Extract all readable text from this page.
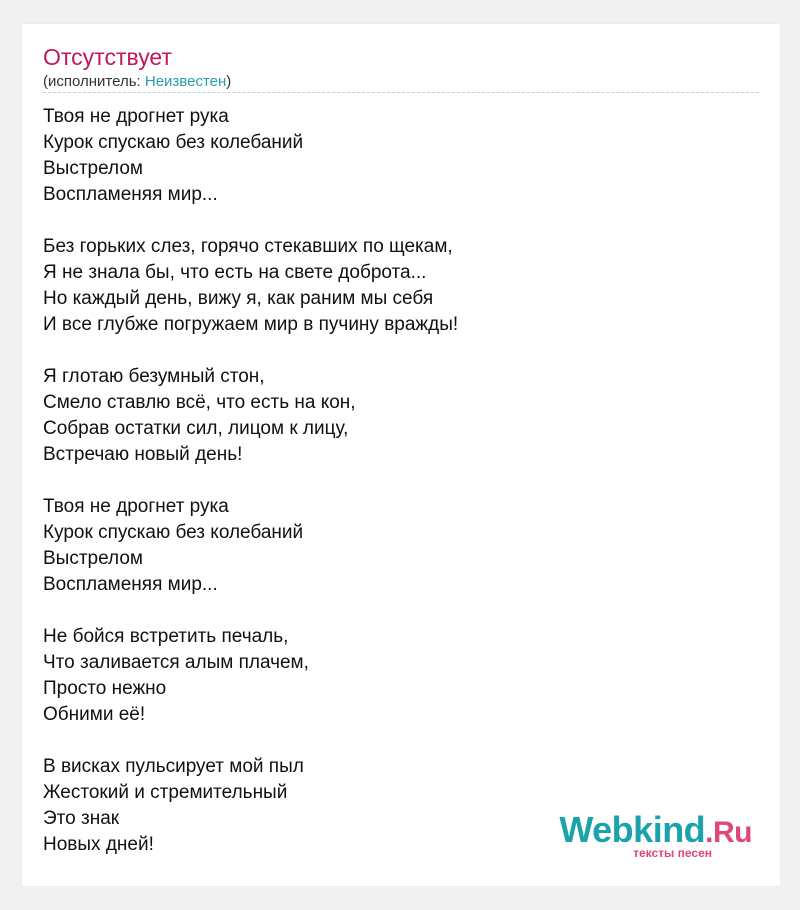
Отсутствует
(исполнитель: Неизвестен)
Твоя не дрогнет рука
Курок спускаю без колебаний
Выстрелом
Воспламеняя мир...
Без горьких слез, горячо стекавших по щекам,
Я не знала бы, что есть на свете доброта...
Но каждый день, вижу я, как раним мы себя
И все глубже погружаем мир в пучину вражды!
Я глотаю безумный стон,
Смело ставлю всё, что есть на кон,
Собрав остатки сил, лицом к лицу,
Встречаю новый день!
Твоя не дрогнет рука
Курок спускаю без колебаний
Выстрелом
Воспламеняя мир...
Не бойся встретить печаль,
Что заливается алым плачем,
Просто нежно
Обними её!
В висках пульсирует мой пыл
Жестокий и стремительный
Это знак
Новых дней!	Webkind.Ru
тексты песен
